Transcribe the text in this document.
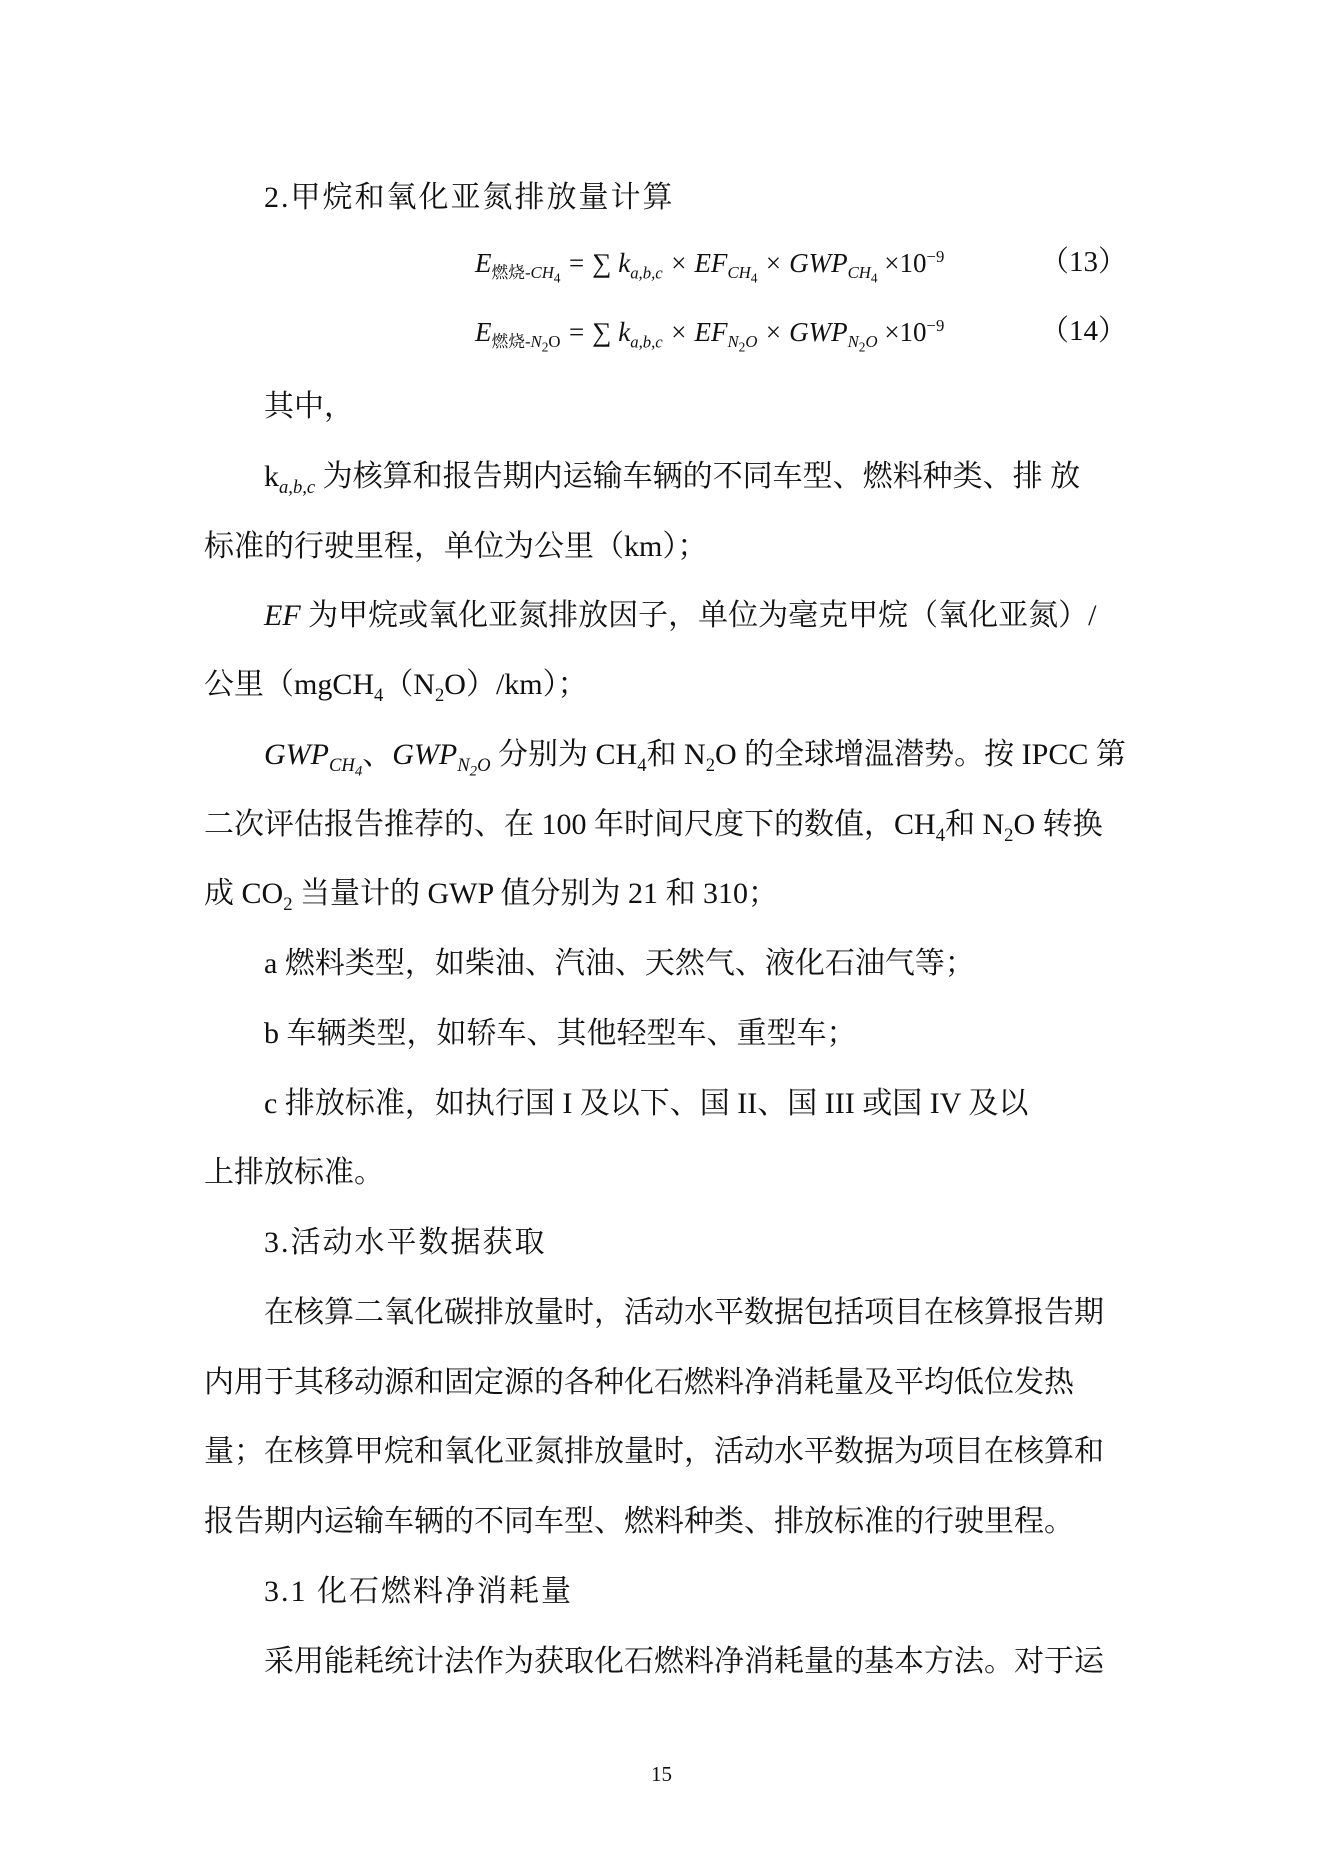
2.甲烷和氧化亚氮排放量计算
$E_{燃烧-CH_4}$ = ∑ $k_{a,b,c} \times EF_{CH_4} \times GWP_{CH_4} \times 10^{-9}$	（13）
$E_{燃烧-N_2O}$ = ∑ $k_{a,b,c} \times EF_{N_2O} \times GWP_{N_2O} \times 10^{-9}$	（14）
其中，
$k_{a,b,c}$ 为核算和报告期内运输车辆的不同车型、燃料种类、排 放
标准的行驶里程，单位为公里（km）；
EF 为甲烷或氧化亚氮排放因子，单位为毫克甲烷（氧化亚氮）/
公里$(mgCH_4(N_2O)/km)$；
$GWP_{CH_4}$、$GWP_{N_2O}$ 分别为 $CH_4$和 $N_2O$ 的全球增温潜势。按 IPCC 第
二次评估报告推荐的、在 100 年时间尺度下的数值，$CH_4$和 $N_2O$ 转换
成 $CO_2$ 当量计的 GWP 值分别为 21 和 310；
a 燃料类型，如柴油、汽油、天然气、液化石油气等；
b 车辆类型，如轿车、其他轻型车、重型车；
c 排放标准，如执行国 I 及以下、国 II、国 III 或国 IV 及以
上排放标准。
3.活动水平数据获取
在核算二氧化碳排放量时，活动水平数据包括项目在核算报告期
内用于其移动源和固定源的各种化石燃料净消耗量及平均低位发热
量；在核算甲烷和氧化亚氮排放量时，活动水平数据为项目在核算和
报告期内运输车辆的不同车型、燃料种类、排放标准的行驶里程。
3.1 化石燃料净消耗量
采用能耗统计法作为获取化石燃料净消耗量的基本方法。对于运
15
